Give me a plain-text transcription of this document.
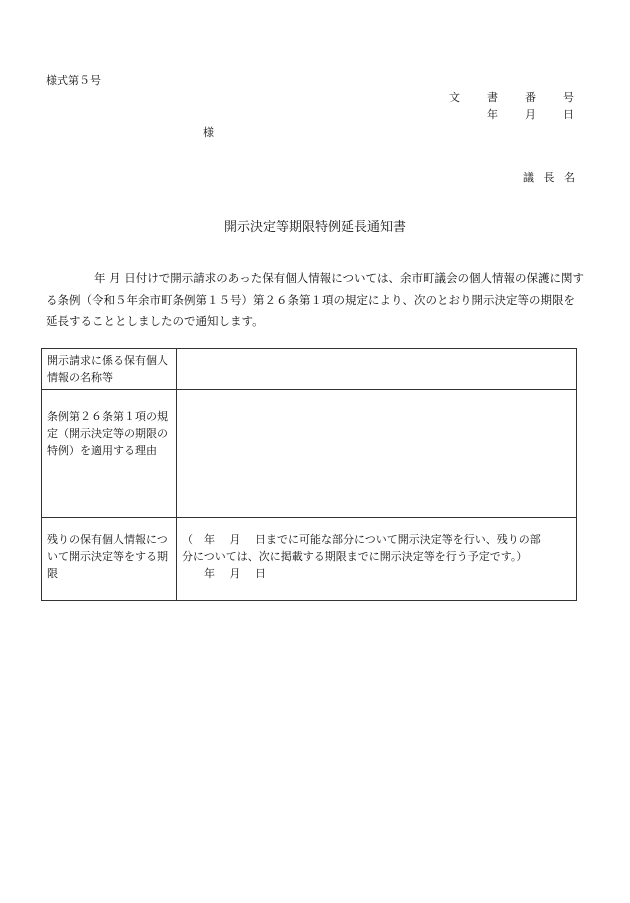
様式第５号
文　書　番　号
年　月　日
様
議 長 名
開示決定等期限特例延長通知書
年 月 日付けで開示請求のあった保有個人情報については、余市町議会の個人情報の保護に関する条例（令和５年余市町条例第１５号）第２６条第１項の規定により、次のとおり開示決定等の期限を延長することとしましたので通知します。
開示請求に係る保有個人情報の名称等	
条例第２６条第１項の規定（開示決定等の期限の特例）を適用する理由	
残りの保有個人情報について開示決定等をする期限	（　年　 月　 日までに可能な部分について開示決定等を行い、残りの部
分については、次に掲載する期限までに開示決定等を行う予定です。）
年　 月　 日
